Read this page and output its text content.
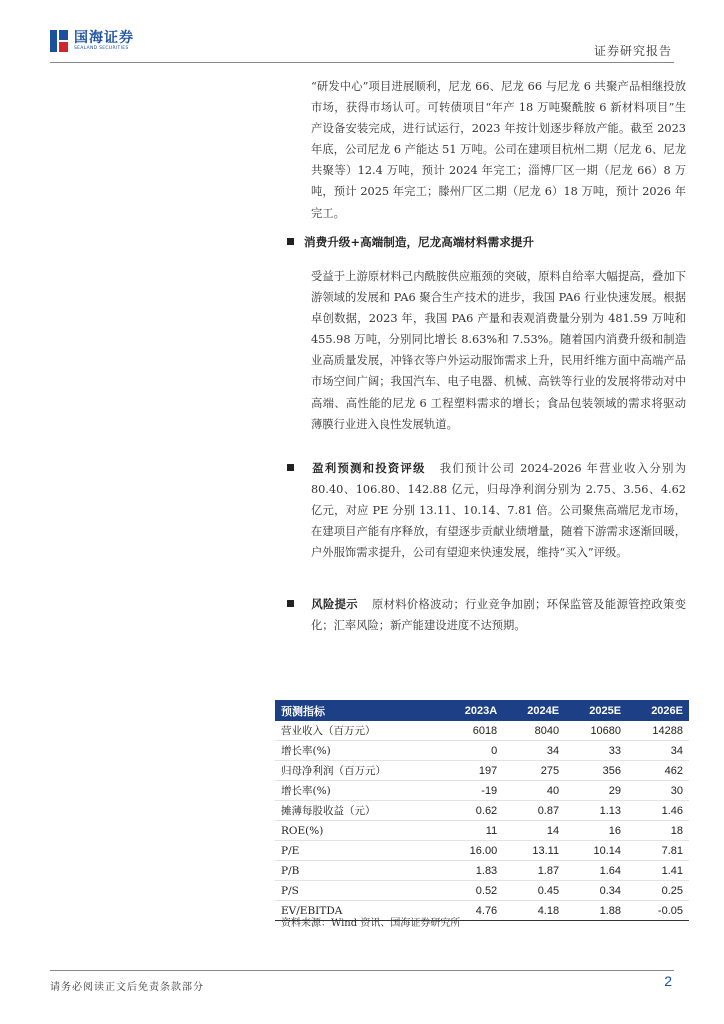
国海证券
SEALAND SECURITIES	证券研究报告

“研发中心”项目进展顺利，尼龙 66、尼龙 66 与尼龙 6 共聚产品相继投放市场，获得市场认可。可转债项目“年产 18 万吨聚酰胺 6 新材料项目”生产设备安装完成，进行试运行，2023 年按计划逐步释放产能。截至 2023 年底，公司尼龙 6 产能达 51 万吨。公司在建项目杭州二期（尼龙 6、尼龙共聚等）12.4 万吨，预计 2024 年完工；淄博厂区一期（尼龙 66）8 万吨，预计 2025 年完工；滕州厂区二期（尼龙 6）18 万吨，预计 2026 年完工。

消费升级+高端制造，尼龙高端材料需求提升

受益于上游原材料己内酰胺供应瓶颈的突破，原料自给率大幅提高，叠加下游领域的发展和 PA6 聚合生产技术的进步，我国 PA6 行业快速发展。根据卓创数据，2023 年，我国 PA6 产量和表观消费量分别为 481.59 万吨和 455.98 万吨，分别同比增长 8.63%和 7.53%。随着国内消费升级和制造业高质量发展，冲锋衣等户外运动服饰需求上升，民用纤维方面中高端产品市场空间广阔；我国汽车、电子电器、机械、高铁等行业的发展将带动对中高端、高性能的尼龙 6 工程塑料需求的增长；食品包装领域的需求将驱动薄膜行业进入良性发展轨道。

盈利预测和投资评级 我们预计公司 2024-2026 年营业收入分别为 80.40、106.80、142.88 亿元，归母净利润分别为 2.75、3.56、4.62 亿元，对应 PE 分别 13.11、10.14、7.81 倍。公司聚焦高端尼龙市场，在建项目产能有序释放，有望逐步贡献业绩增量，随着下游需求逐渐回暖，户外服饰需求提升，公司有望迎来快速发展，维持“买入”评级。

风险提示 原材料价格波动；行业竞争加剧；环保监管及能源管控政策变化；汇率风险；新产能建设进度不达预期。

预测指标	2023A	2024E	2025E	2026E
营业收入（百万元）	6018	8040	10680	14288
增长率(%)	0	34	33	34
归母净利润（百万元）	197	275	356	462
增长率(%)	-19	40	29	30
摊薄每股收益（元）	0.62	0.87	1.13	1.46
ROE(%)	11	14	16	18
P/E	16.00	13.11	10.14	7.81
P/B	1.83	1.87	1.64	1.41
P/S	0.52	0.45	0.34	0.25
EV/EBITDA	4.76	4.18	1.88	-0.05
资料来源：Wind 资讯、国海证券研究所
请务必阅读正文后免责条款部分	2
